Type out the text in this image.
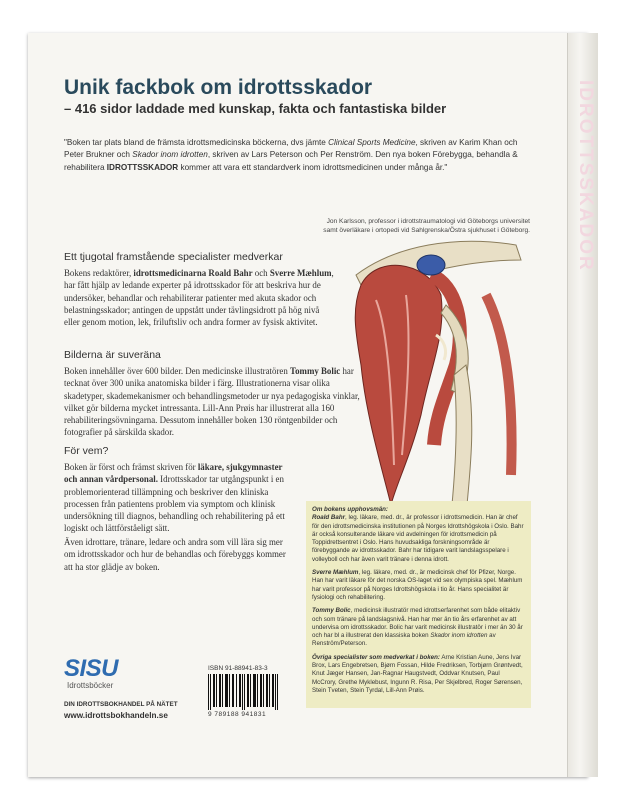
IDROTTSSKADOR
Unik fackbok om idrottsskador
– 416 sidor laddade med kunskap, fakta och fantastiska bilder
"Boken tar plats bland de främsta idrottsmedicinska böckerna, dvs jämte Clinical Sports Medicine, skriven av Karim Khan och Peter Brukner och Skador inom idrotten, skriven av Lars Peterson och Per Renström. Den nya boken Förebygga, behandla & rehabilitera IDROTTSSKADOR kommer att vara ett standardverk inom idrottsmedicinen under många år."
Jon Karlsson, professor i idrottstraumatologi vid Göteborgs universitet
samt överläkare i ortopedi vid Sahlgrenska/Östra sjukhuset i Göteborg.
Ett tjugotal framstående specialister medverkar
Bokens redaktörer, idrottsmedicinarna Roald Bahr och Sverre Mæhlum, har fått hjälp av ledande experter på idrottsskador för att beskriva hur de undersöker, behandlar och rehabiliterar patienter med akuta skador och belastningsskador; antingen de uppstått under tävlingsidrott på hög nivå eller genom motion, lek, friluftsliv och andra former av fysisk aktivitet.
Bilderna är suveräna
Boken innehåller över 600 bilder. Den medicinske illustratören Tommy Bolic har tecknat över 300 unika anatomiska bilder i färg. Illustrationerna visar olika skadetyper, skademekanismer och behandlingsmetoder ur nya pedagogiska vinklar, vilket gör bilderna mycket intressanta. Lill-Ann Prøis har illustrerat alla 160 rehabiliteringsövningarna. Dessutom innehåller boken 130 röntgenbilder och fotografier på särskilda skador.
För vem?
Boken är först och främst skriven för läkare, sjukgymnaster och annan vårdpersonal. Idrottsskador tar utgångspunkt i en problemorienterad tillämpning och beskriver den kliniska processen från patientens problem via symptom och klinisk undersökning till diagnos, behandling och rehabilitering på ett logiskt och lättförståeligt sätt.
Även idrottare, tränare, ledare och andra som vill lära sig mer om idrottsskador och hur de behandlas och förebyggs kommer att ha stor glädje av boken.

Om bokens upphovsmän:
Roald Bahr, leg. läkare, med. dr., är professor i idrottsmedicin. Han är chef för den idrottsmedicinska institutionen på Norges Idrottshögskola i Oslo. Bahr är också konsulterande läkare vid avdelningen för idrottsmedicin på Toppidrettsentret i Oslo. Hans huvudsakliga forskningsområde är förebyggande av idrottsskador. Bahr har tidigare varit landslagsspelare i volleyboll och har även varit tränare i denna idrott.

Sverre Mæhlum, leg. läkare, med. dr., är medicinsk chef för Pfizer, Norge. Han har varit läkare för det norska OS-laget vid sex olympiska spel. Mæhlum har varit professor på Norges Idrottshögskola i tio år. Hans specialitet är fysiologi och rehabilitering.

Tommy Bolic, medicinsk illustratör med idrottserfarenhet som både elitaktiv och som tränare på landslagsnivå. Han har mer än tio års erfarenhet av att undervisa om idrottsskador. Bolic har varit medicinsk illustratör i mer än 30 år och har bl a illustrerat den klassiska boken Skador inom idrotten av Renström/Peterson.

Övriga specialister som medverkat i boken: Arne Kristian Aune, Jens Ivar Brox, Lars Engebretsen, Bjørn Fossan, Hilde Fredriksen, Torbjørn Grøntvedt, Knut Jæger Hansen, Jan-Ragnar Haugstvedt, Oddvar Knutsen, Paul McCrory, Grethe Myklebust, Ingunn R. Risa, Per Skjelbred, Roger Sørensen, Stein Tveten, Stein Tyrdal, Lill-Ann Prøis.

SISU
Idrottsböcker
ISBN 91-88941-83-3
9 789188 941831
DIN IDROTTSBOKHANDEL PÅ NÄTET
www.idrottsbokhandeln.se
